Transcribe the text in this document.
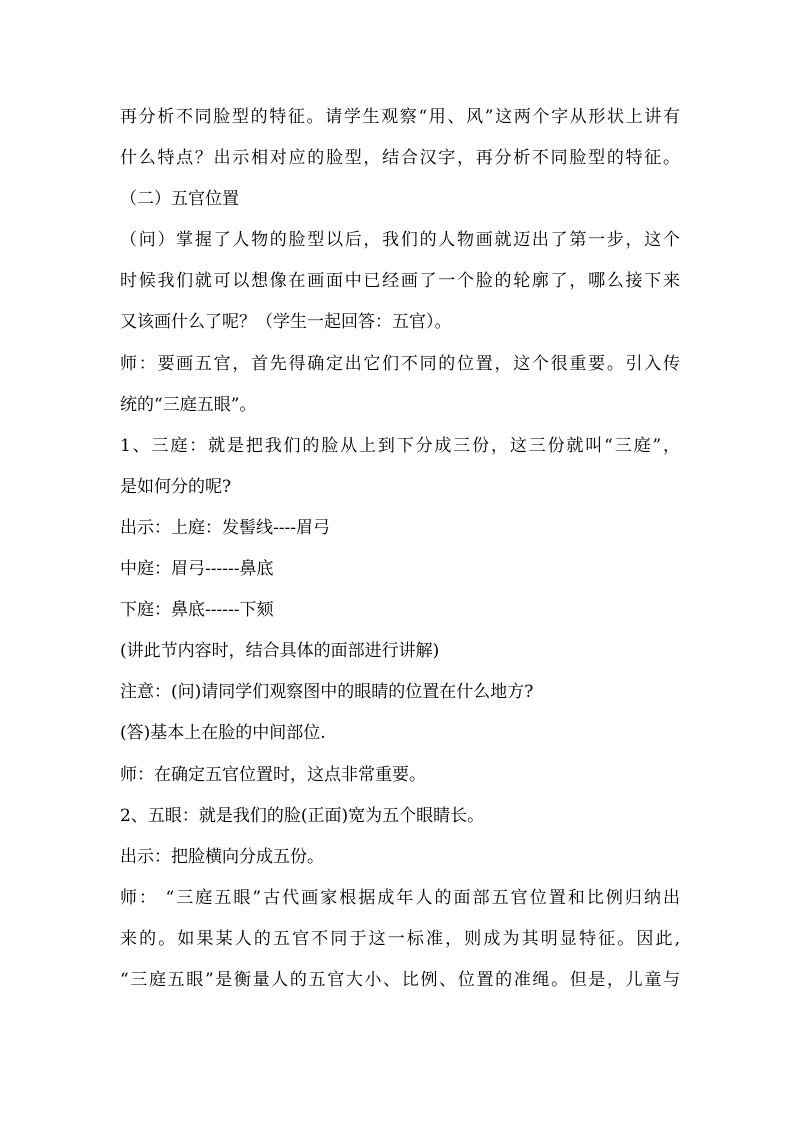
再分析不同脸型的特征。请学生观察“用、风”这两个字从形状上讲有
什么特点？出示相对应的脸型，结合汉字，再分析不同脸型的特征。
（二）五官位置
（问）掌握了人物的脸型以后，我们的人物画就迈出了第一步，这个
时候我们就可以想像在画面中已经画了一个脸的轮廓了，哪么接下来
又该画什么了呢？（学生一起回答：五官）。
师：要画五官，首先得确定出它们不同的位置，这个很重要。引入传
统的“三庭五眼”。
1、三庭：就是把我们的脸从上到下分成三份，这三份就叫“三庭”，
是如何分的呢?
出示：上庭：发髻线----眉弓
中庭：眉弓------鼻底
下庭：鼻底------下颏
(讲此节内容时，结合具体的面部进行讲解)
注意：(问)请同学们观察图中的眼睛的位置在什么地方?
(答)基本上在脸的中间部位.
师：在确定五官位置时，这点非常重要。
2、五眼：就是我们的脸(正面)宽为五个眼睛长。
出示：把脸横向分成五份。
师： “三庭五眼”古代画家根据成年人的面部五官位置和比例归纳出
来的。如果某人的五官不同于这一标准，则成为其明显特征。因此,
“三庭五眼”是衡量人的五官大小、比例、位置的准绳。但是，儿童与
